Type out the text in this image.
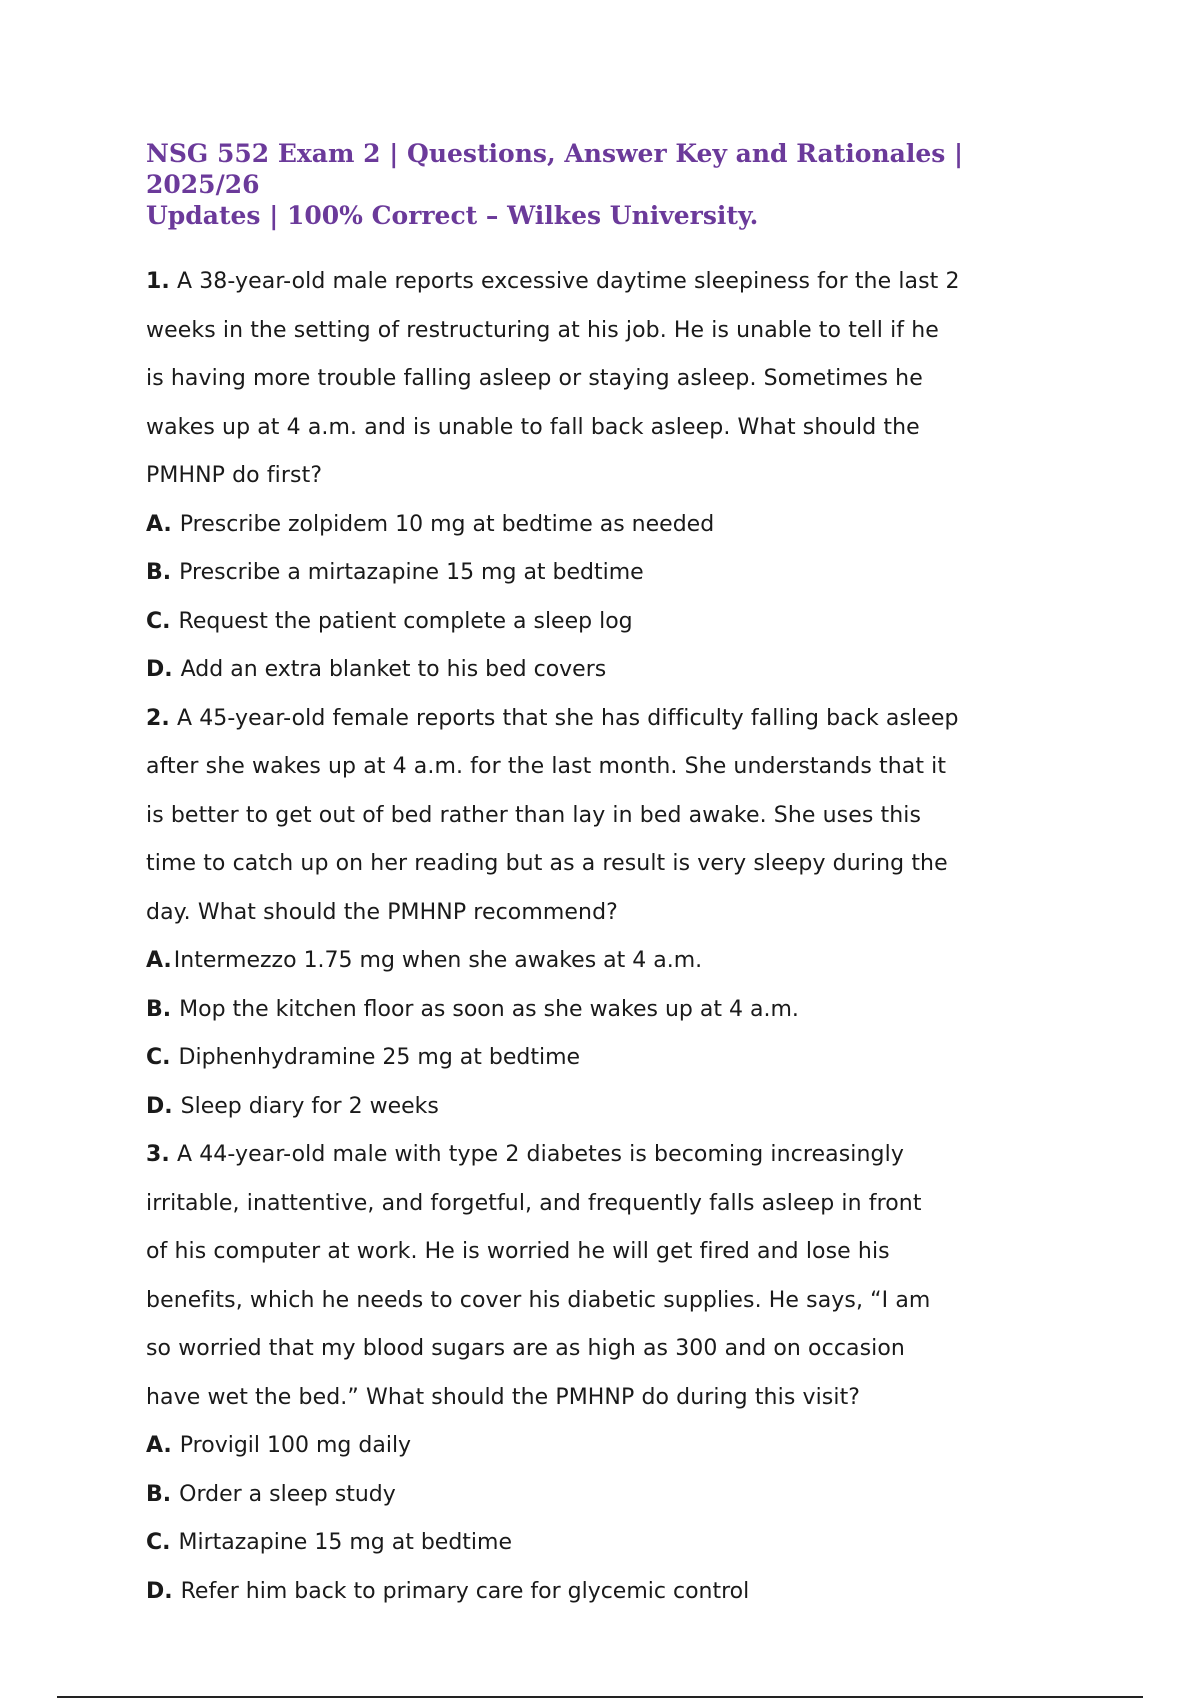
NSG 552 Exam 2 | Questions, Answer Key and Rationales | 2025/26
Updates | 100% Correct – Wilkes University.

1. A 38-year-old male reports excessive daytime sleepiness for the last 2
weeks in the setting of restructuring at his job. He is unable to tell if he
is having more trouble falling asleep or staying asleep. Sometimes he
wakes up at 4 a.m. and is unable to fall back asleep. What should the
PMHNP do first?

A. Prescribe zolpidem 10 mg at bedtime as needed

B. Prescribe a mirtazapine 15 mg at bedtime

C. Request the patient complete a sleep log

D. Add an extra blanket to his bed covers

2. A 45-year-old female reports that she has difficulty falling back asleep
after she wakes up at 4 a.m. for the last month. She understands that it
is better to get out of bed rather than lay in bed awake. She uses this
time to catch up on her reading but as a result is very sleepy during the
day. What should the PMHNP recommend?

A.Intermezzo 1.75 mg when she awakes at 4 a.m.

B. Mop the kitchen floor as soon as she wakes up at 4 a.m.

C. Diphenhydramine 25 mg at bedtime

D. Sleep diary for 2 weeks

3. A 44-year-old male with type 2 diabetes is becoming increasingly
irritable, inattentive, and forgetful, and frequently falls asleep in front
of his computer at work. He is worried he will get fired and lose his
benefits, which he needs to cover his diabetic supplies. He says, “I am
so worried that my blood sugars are as high as 300 and on occasion
have wet the bed.” What should the PMHNP do during this visit?

A. Provigil 100 mg daily

B. Order a sleep study

C. Mirtazapine 15 mg at bedtime

D. Refer him back to primary care for glycemic control
